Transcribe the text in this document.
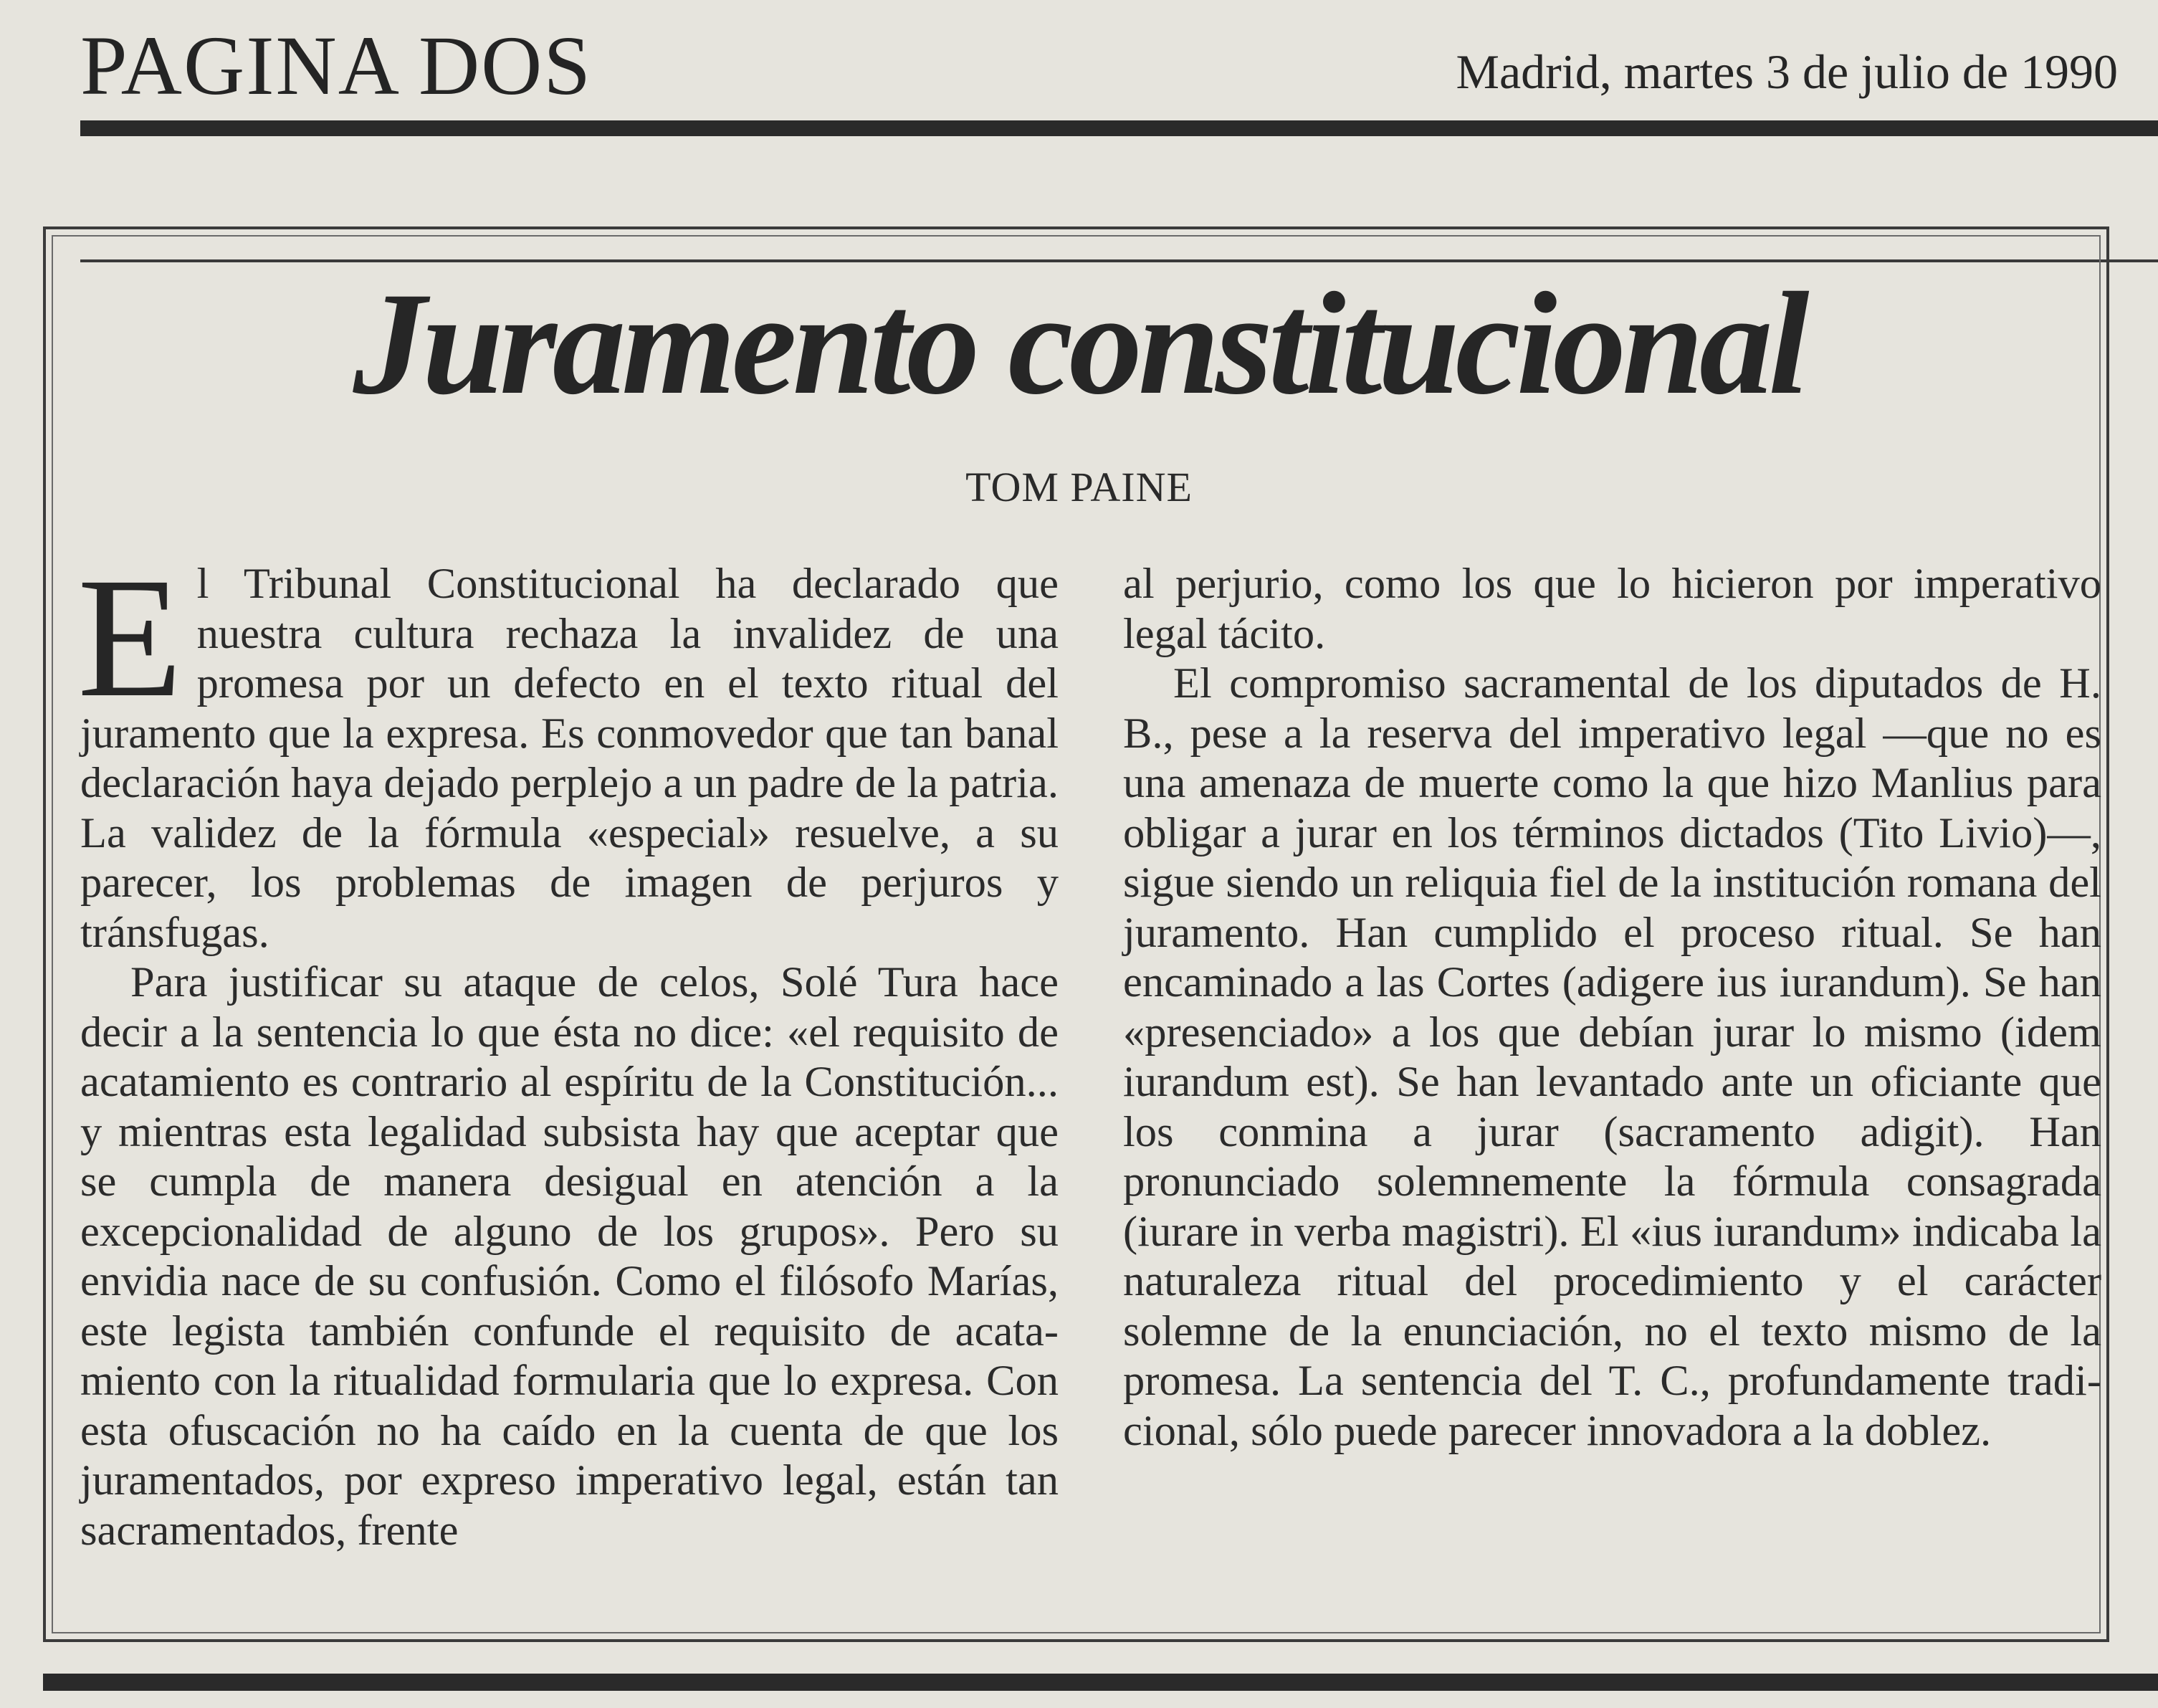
PAGINA DOS	Madrid, martes 3 de julio de 1990
Juramento constitucional
TOM PAINE

El Tribunal Constitucional ha declarado que nuestra cultura rechaza la invalidez de una promesa por un defecto en el texto ritual del juramento que la expresa. Es conmovedor que tan banal declaración haya dejado perplejo a un padre de la patria. La validez de la fórmula «especial» resuelve, a su parecer, los problemas de imagen de perjuros y tránsfugas.

Para justificar su ataque de celos, Solé Tura hace decir a la sentencia lo que ésta no dice: «el requisito de acatamiento es contrario al espíritu de la Constitución... y mientras esta legalidad subsista hay que aceptar que se cumpla de manera desigual en atención a la excepcionalidad de alguno de los grupos». Pero su envidia nace de su confusión. Como el filósofo Marías, este legista también confunde el requisito de acatamiento con la ritualidad formularia que lo expresa. Con esta ofuscación no ha caído en la cuenta de que los juramentados, por expreso imperativo legal, están tan sacramentados, frente

al perjurio, como los que lo hicieron por imperativo legal tácito.

El compromiso sacramental de los diputados de H. B., pese a la reserva del imperativo legal —que no es una amenaza de muerte como la que hizo Manlius para obligar a jurar en los términos dictados (Tito Livio)—, sigue siendo un reliquia fiel de la institución romana del juramento. Han cumplido el proceso ritual. Se han encaminado a las Cortes (adigere ius iurandum). Se han «presenciado» a los que debían jurar lo mismo (idem iurandum est). Se han levantado ante un oficiante que los conmina a jurar (sacramento adigit). Han pronunciado solemnemente la fórmula consagrada (iurare in verba magistri). El «ius iurandum» indicaba la naturaleza ritual del procedimiento y el carácter solemne de la enunciación, no el texto mismo de la promesa. La sentencia del T. C., profundamente tradicional, sólo puede parecer innovadora a la doblez.
